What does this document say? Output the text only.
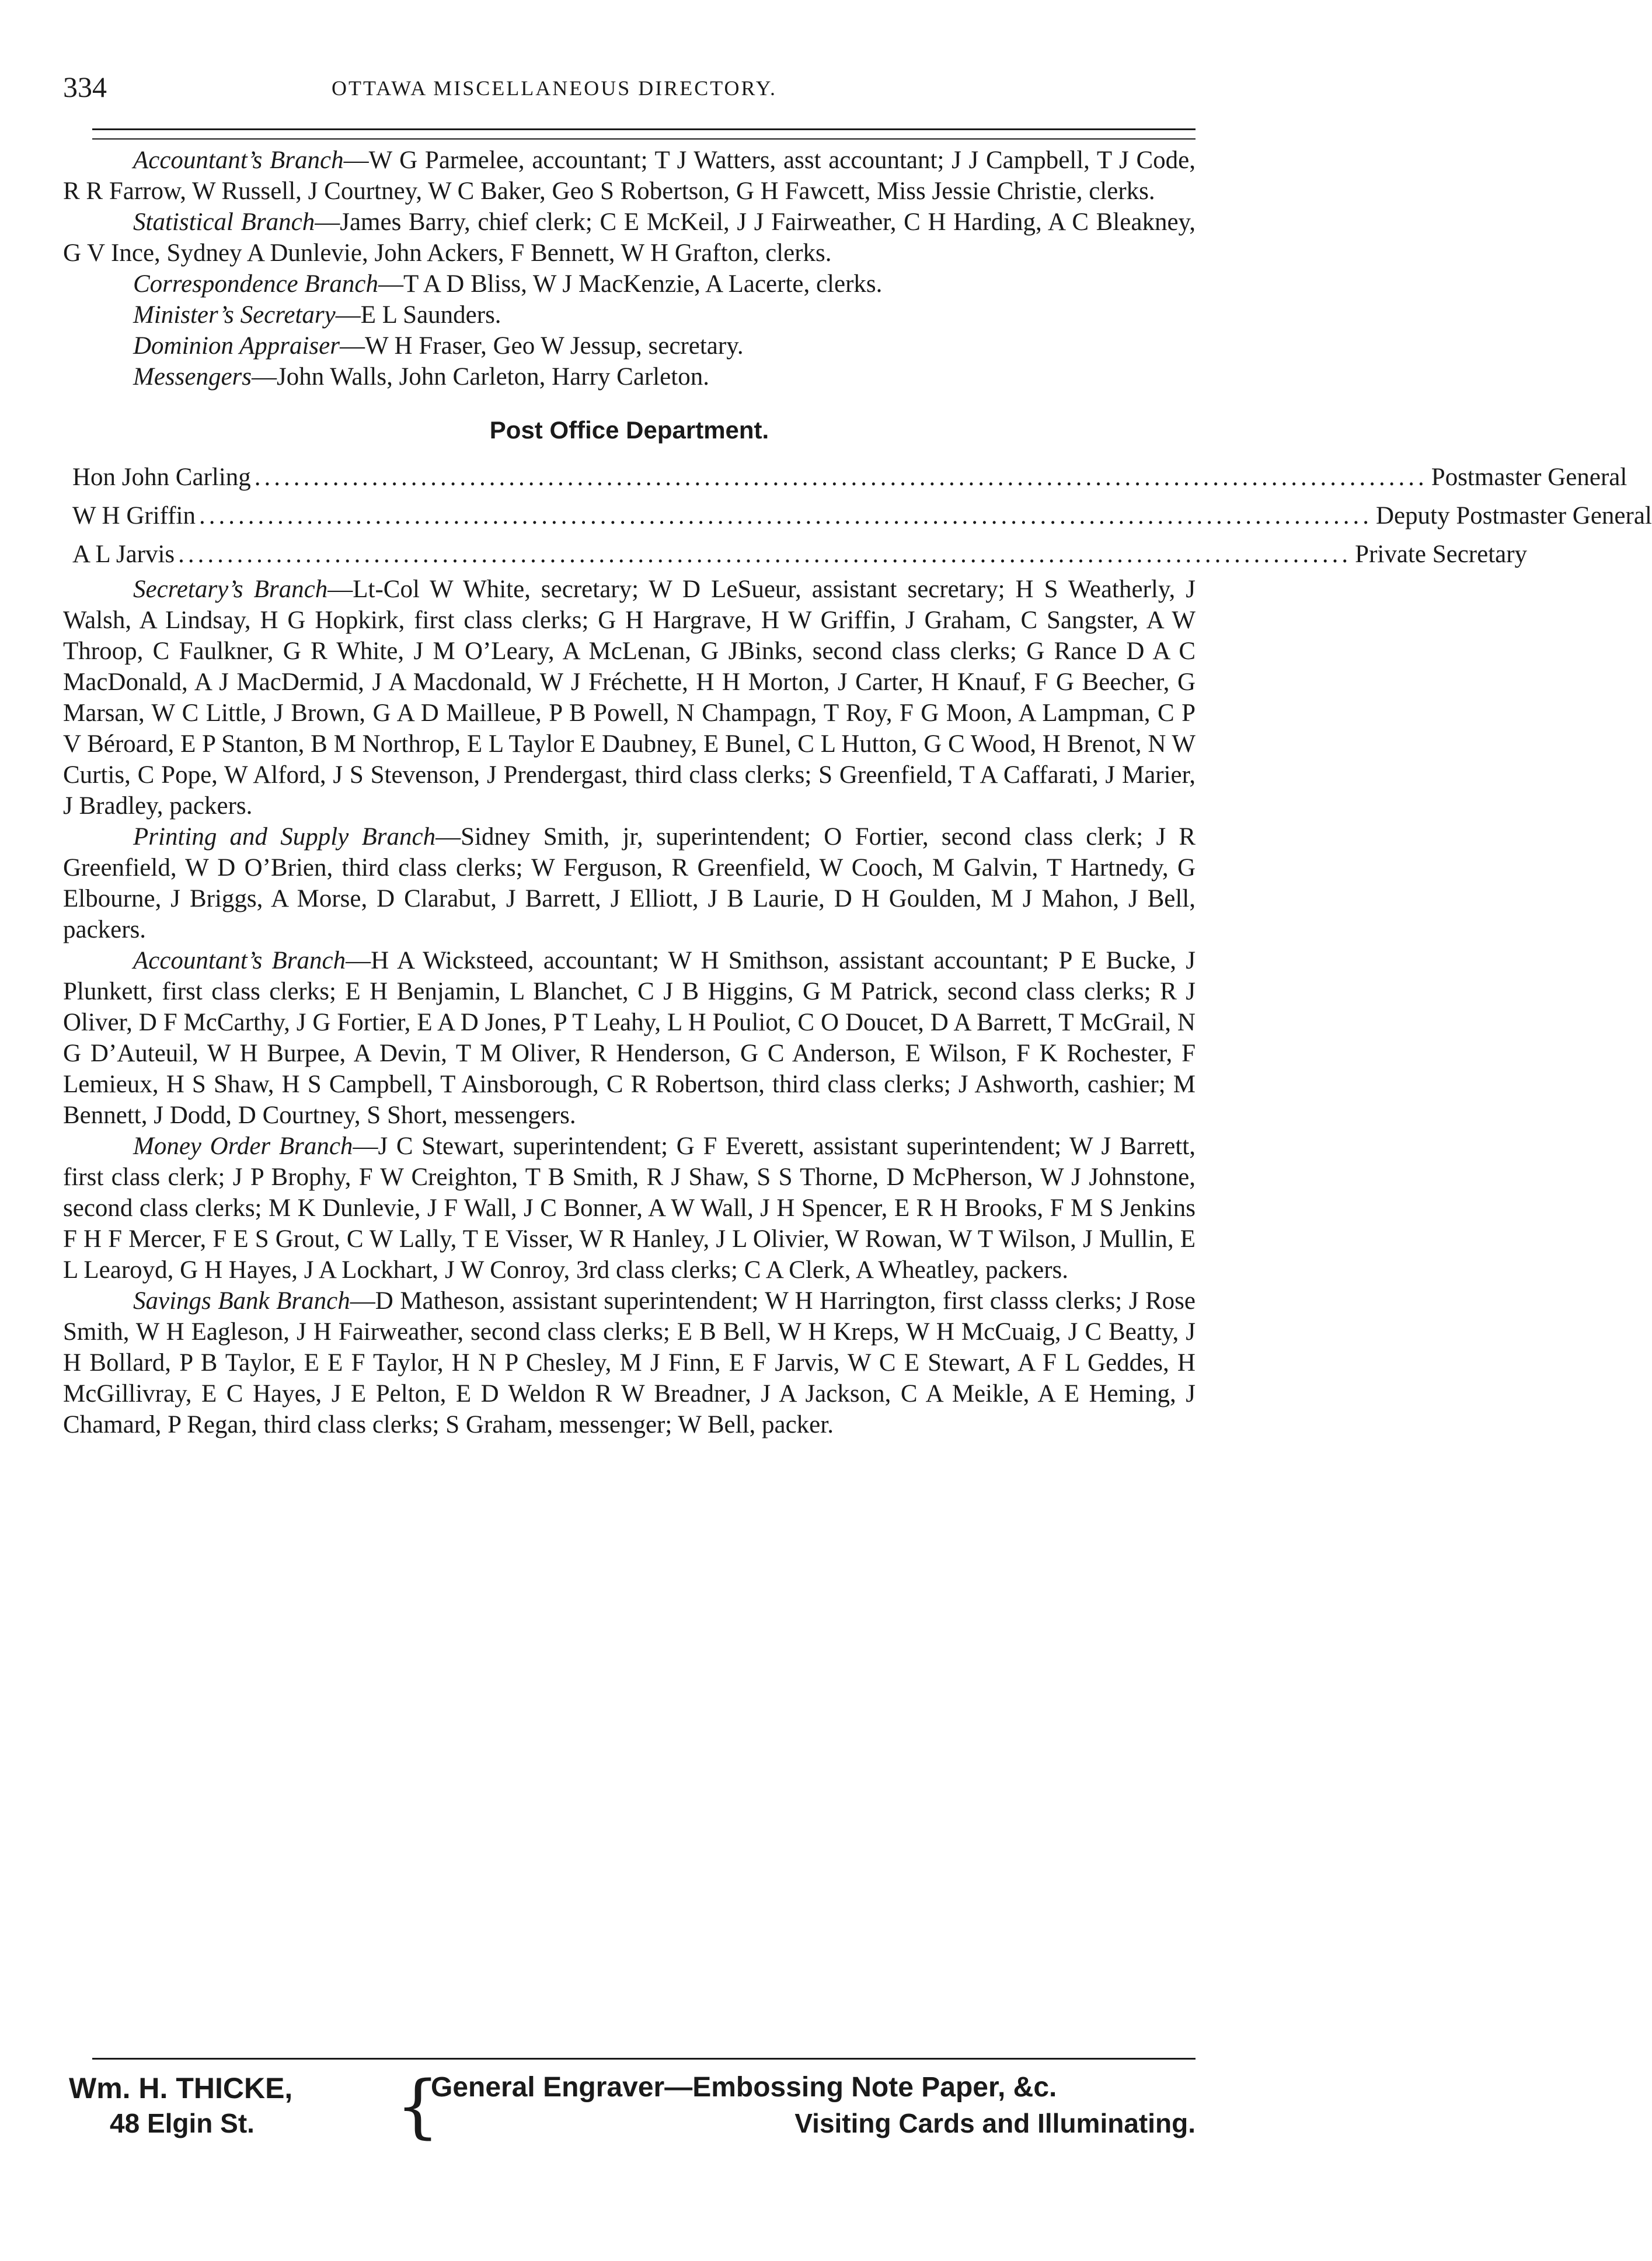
334	OTTAWA MISCELLANEOUS DIRECTORY.

Accountant’s Branch—W G Parmelee, accountant; T J Watters, asst accountant; J J Campbell, T J Code, R R Farrow, W Russell, J Courtney, W C Baker, Geo S Robertson, G H Fawcett, Miss Jessie Christie, clerks.

Statistical Branch—James Barry, chief clerk; C E McKeil, J J Fairweather, C H Harding, A C Bleakney, G V Ince, Sydney A Dunlevie, John Ackers, F Bennett, W H Grafton, clerks.

Correspondence Branch—T A D Bliss, W J MacKenzie, A Lacerte, clerks.

Minister’s Secretary—E L Saunders.

Dominion Appraiser—W H Fraser, Geo W Jessup, secretary.

Messengers—John Walls, John Carleton, Harry Carleton.

Post Office Department.
Hon John Carling ........................................................................................................................ Postmaster General
W H Griffin ........................................................................................................................ Deputy Postmaster General
A L Jarvis ........................................................................................................................ Private Secretary

Secretary’s Branch—Lt-Col W White, secretary; W D LeSueur, assistant secretary; H S Weatherly, J Walsh, A Lindsay, H G Hopkirk, first class clerks; G H Hargrave, H W Griffin, J Graham, C Sangster, A W Throop, C Faulkner, G R White, J M O’Leary, A McLenan, G JBinks, second class clerks; G Rance D A C MacDonald, A J MacDermid, J A Macdonald, W J Fréchette, H H Morton, J Carter, H Knauf, F G Beecher, G Marsan, W C Little, J Brown, G A D Mailleue, P B Powell, N Champagn, T Roy, F G Moon, A Lampman, C P V Béroard, E P Stanton, B M Northrop, E L Taylor E Daubney, E Bunel, C L Hutton, G C Wood, H Brenot, N W Curtis, C Pope, W Alford, J S Stevenson, J Prendergast, third class clerks; S Greenfield, T A Caffarati, J Marier, J Bradley, packers.

Printing and Supply Branch—Sidney Smith, jr, superintendent; O Fortier, second class clerk; J R Greenfield, W D O’Brien, third class clerks; W Ferguson, R Greenfield, W Cooch, M Galvin, T Hartnedy, G Elbourne, J Briggs, A Morse, D Clarabut, J Barrett, J Elliott, J B Laurie, D H Goulden, M J Mahon, J Bell, packers.

Accountant’s Branch—H A Wicksteed, accountant; W H Smithson, assistant accountant; P E Bucke, J Plunkett, first class clerks; E H Benjamin, L Blanchet, C J B Higgins, G M Patrick, second class clerks; R J Oliver, D F McCarthy, J G Fortier, E A D Jones, P T Leahy, L H Pouliot, C O Doucet, D A Barrett, T McGrail, N G D’Auteuil, W H Burpee, A Devin, T M Oliver, R Henderson, G C Anderson, E Wilson, F K Rochester, F Lemieux, H S Shaw, H S Campbell, T Ainsborough, C R Robertson, third class clerks; J Ashworth, cashier; M Bennett, J Dodd, D Courtney, S Short, messengers.

Money Order Branch—J C Stewart, superintendent; G F Everett, assistant superintendent; W J Barrett, first class clerk; J P Brophy, F W Creighton, T B Smith, R J Shaw, S S Thorne, D McPherson, W J Johnstone, second class clerks; M K Dunlevie, J F Wall, J C Bonner, A W Wall, J H Spencer, E R H Brooks, F M S Jenkins F H F Mercer, F E S Grout, C W Lally, T E Visser, W R Hanley, J L Olivier, W Rowan, W T Wilson, J Mullin, E L Learoyd, G H Hayes, J A Lockhart, J W Conroy, 3rd class clerks; C A Clerk, A Wheatley, packers.

Savings Bank Branch—D Matheson, assistant superintendent; W H Harrington, first classs clerks; J Rose Smith, W H Eagleson, J H Fairweather, second class clerks; E B Bell, W H Kreps, W H McCuaig, J C Beatty, J H Bollard, P B Taylor, E E F Taylor, H N P Chesley, M J Finn, E F Jarvis, W C E Stewart, A F L Geddes, H McGillivray, E C Hayes, J E Pelton, E D Weldon R W Breadner, J A Jackson, C A Meikle, A E Heming, J Chamard, P Regan, third class clerks; S Graham, messenger; W Bell, packer.

Wm. H. THICKE,
48 Elgin St. {
General Engraver—Embossing Note Paper, &c.
Visiting Cards and Illuminating.
